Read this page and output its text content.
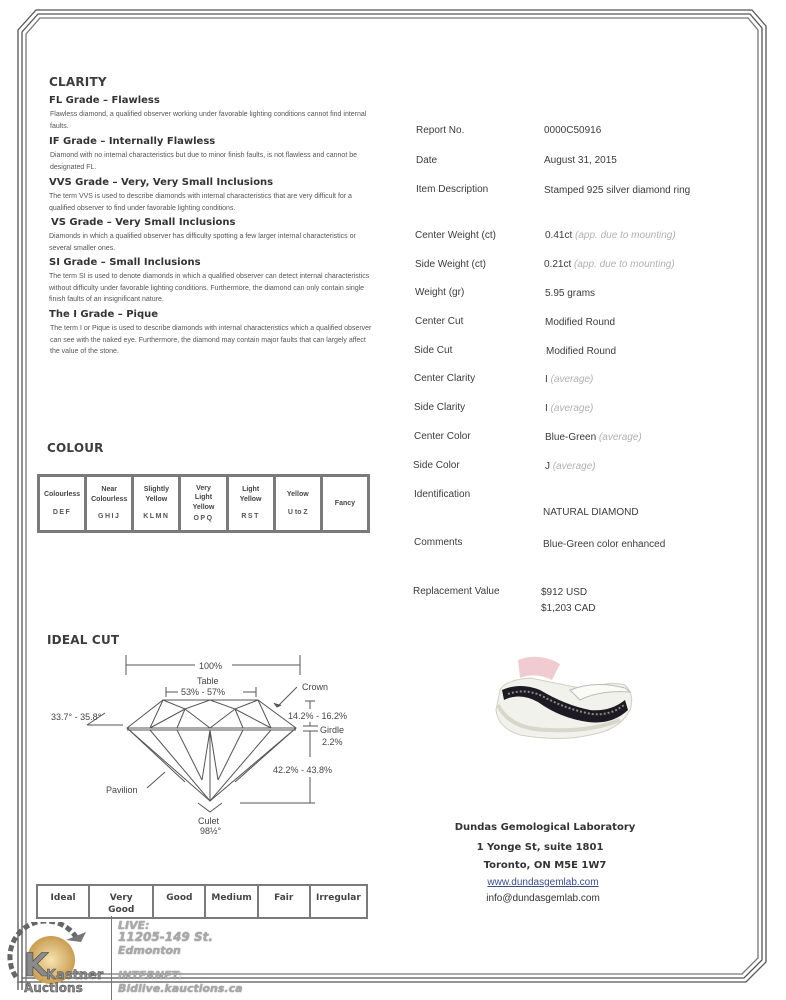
CLARITY
FL Grade – Flawless
Flawless diamond, a qualified observer working under favorable lighting conditions cannot find internal faults.
IF Grade – Internally Flawless
Diamond with no internal characteristics but due to minor finish faults, is not flawless and cannot be designated FL.
VVS Grade – Very, Very Small Inclusions
The term VVS is used to describe diamonds with internal characteristics that are very difficult for a qualified observer to find under favorable lighting conditions.
VS Grade – Very Small Inclusions
Diamonds in which a qualified observer has difficulty spotting a few larger internal characteristics or several smaller ones.
SI Grade – Small Inclusions
The term SI is used to denote diamonds in which a qualified observer can detect internal characteristics without difficulty under favorable lighting conditions. Furthermore, the diamond can only contain single finish faults of an insignificant nature.
The I Grade – Pique
The term I or Pique is used to describe diamonds with internal characteristics which a qualified observer can see with the naked eye. Furthermore, the diamond may contain major faults that can largely affect the value of the stone.
COLOUR
Colourless
DEF
Near Colourless
GHIJ
Slightly Yellow
KLMN
Very Light Yellow
OPQ
Light Yellow
RST
Yellow
U to Z
Fancy
IDEAL CUT
100%
Table
53% - 57%	Crown
33.7° - 35.8°	14.2% - 16.2%
Girdle
2.2%
42.2% - 43.8%
Pavilion
Culet
98½°
Ideal	Very Good
Good	Medium	Fair	Irregular
Report No.	0000C50916
Date	August 31, 2015
Item Description	Stamped 925 silver diamond ring
Center Weight (ct)	0.41ct (app. due to mounting)
Side Weight (ct)	0.21ct (app. due to mounting)
Weight (gr)	5.95 grams
Center Cut	Modified Round
Side Cut	Modified Round
Center Clarity	I (average)
Side Clarity	I (average)
Center Color	Blue-Green (average)
Side Color	J (average)
Identification
NATURAL DIAMOND
Comments	Blue-Green color enhanced
Replacement Value	$912 USD
$1,203 CAD
Dundas Gemological Laboratory
1 Yonge St, suite 1801
Toronto, ON M5E 1W7
www.dundasgemlab.com
info@dundasgemlab.com
K
Kastner
Auctions
LIVE:
11205-149 St.
Edmonton
INTERNET:
Bidlive.kauctions.ca
